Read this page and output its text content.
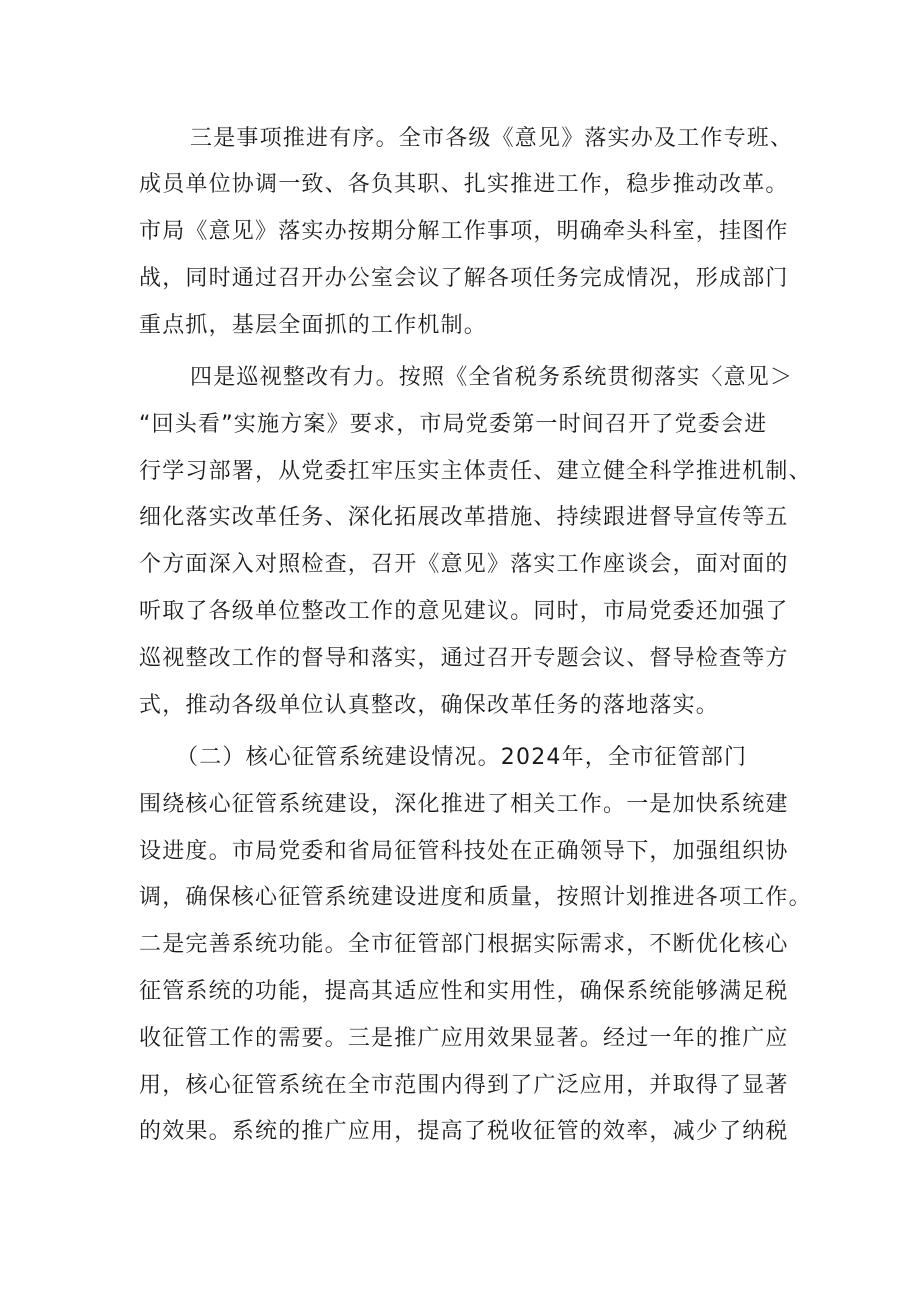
三是事项推进有序。全市各级《意见》落实办及工作专班、
成员单位协调一致、各负其职、扎实推进工作，稳步推动改革。
市局《意见》落实办按期分解工作事项，明确牵头科室，挂图作
战，同时通过召开办公室会议了解各项任务完成情况，形成部门
重点抓，基层全面抓的工作机制。
四是巡视整改有力。按照《全省税务系统贯彻落实〈意见＞
“回头看”实施方案》要求，市局党委第一时间召开了党委会进
行学习部署，从党委扛牢压实主体责任、建立健全科学推进机制、
细化落实改革任务、深化拓展改革措施、持续跟进督导宣传等五
个方面深入对照检查，召开《意见》落实工作座谈会，面对面的
听取了各级单位整改工作的意见建议。同时，市局党委还加强了
巡视整改工作的督导和落实，通过召开专题会议、督导检查等方
式，推动各级单位认真整改，确保改革任务的落地落实。
（二）核心征管系统建设情况。2024年，全市征管部门
围绕核心征管系统建设，深化推进了相关工作。一是加快系统建
设进度。市局党委和省局征管科技处在正确领导下，加强组织协
调，确保核心征管系统建设进度和质量，按照计划推进各项工作。
二是完善系统功能。全市征管部门根据实际需求，不断优化核心
征管系统的功能，提高其适应性和实用性，确保系统能够满足税
收征管工作的需要。三是推广应用效果显著。经过一年的推广应
用，核心征管系统在全市范围内得到了广泛应用，并取得了显著
的效果。系统的推广应用，提高了税收征管的效率，减少了纳税
